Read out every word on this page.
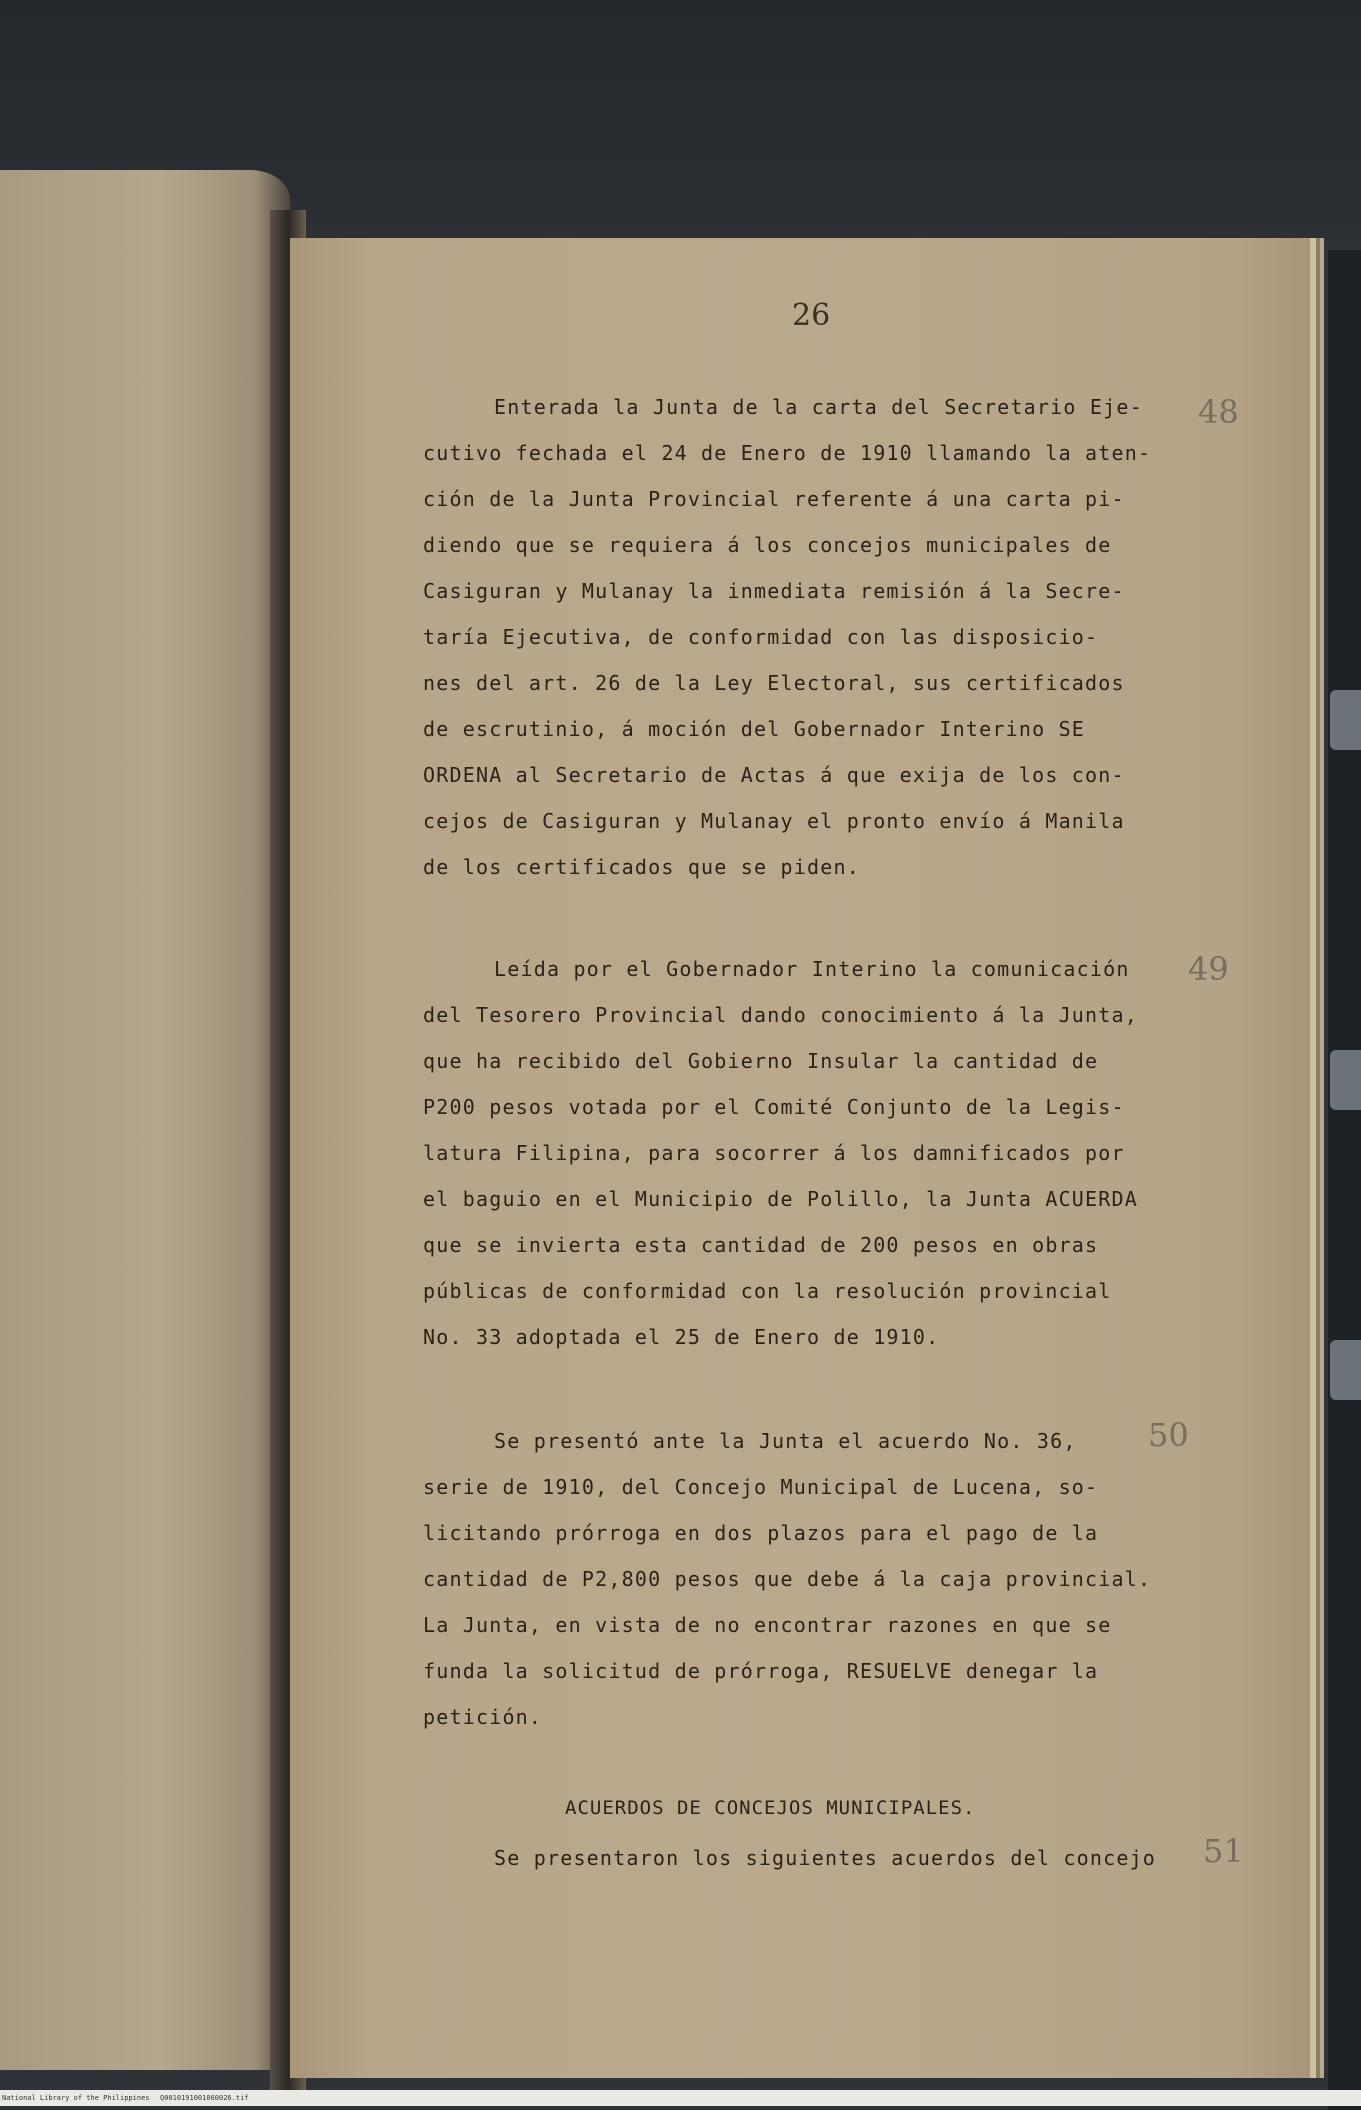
26
48
Enterada la Junta de la carta del Secretario Eje-
cutivo fechada el 24 de Enero de 1910 llamando la aten-
ción de la Junta Provincial referente á una carta pi-
diendo que se requiera á los concejos municipales de
Casiguran y Mulanay la inmediata remisión á la Secre-
taría Ejecutiva, de conformidad con las disposicio-
nes del art. 26 de la Ley Electoral, sus certificados
de escrutinio, á moción del Gobernador Interino SE
ORDENA al Secretario de Actas á que exija de los con-
cejos de Casiguran y Mulanay el pronto envío á Manila
de los certificados que se piden.
49
Leída por el Gobernador Interino la comunicación
del Tesorero Provincial dando conocimiento á la Junta,
que ha recibido del Gobierno Insular la cantidad de
P200 pesos votada por el Comité Conjunto de la Legis-
latura Filipina, para socorrer á los damnificados por
el baguio en el Municipio de Polillo, la Junta ACUERDA
que se invierta esta cantidad de 200 pesos en obras
públicas de conformidad con la resolución provincial
No. 33 adoptada el 25 de Enero de 1910.
50
Se presentó ante la Junta el acuerdo No. 36,
serie de 1910, del Concejo Municipal de Lucena, so-
licitando prórroga en dos plazos para el pago de la
cantidad de P2,800 pesos que debe á la caja provincial.
La Junta, en vista de no encontrar razones en que se
funda la solicitud de prórroga, RESUELVE denegar la
petición.
ACUERDOS DE CONCEJOS MUNICIPALES.
51
Se presentaron los siguientes acuerdos del concejo
National Library of the Philippines Q0010191001060026.tif
